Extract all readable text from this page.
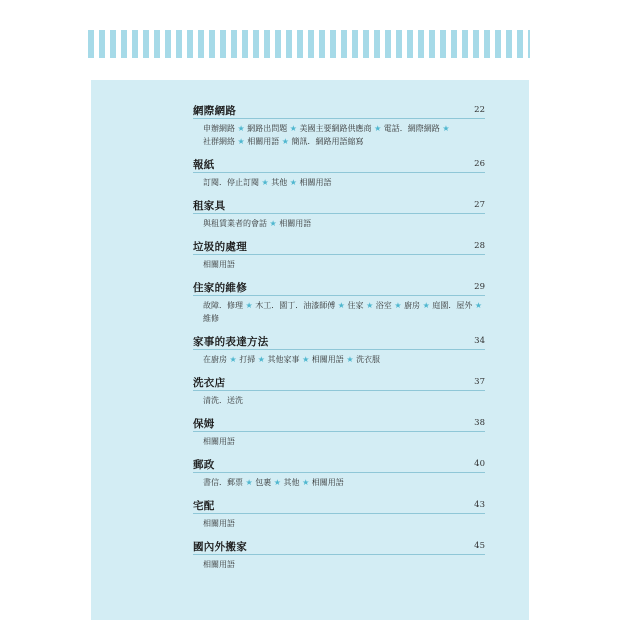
網際網路	22
申辦網路 ★ 網路出問題 ★ 美國主要網路供應商 ★ 電話．網際網路 ★
社群網絡 ★ 相關用語 ★ 簡訊．網路用語縮寫
報紙	26
訂閱．停止訂閱 ★ 其他 ★ 相關用語
租家具	27
與租賃業者的會話 ★ 相關用語
垃圾的處理	28
相關用語
住家的維修	29
故障．修理 ★ 木工．園丁．油漆師傅 ★ 住家 ★ 浴室 ★ 廚房 ★ 庭園．屋外 ★
維修
家事的表達方法	34
在廚房 ★ 打掃 ★ 其他家事 ★ 相關用語 ★ 洗衣服
洗衣店	37
清洗．送洗
保姆	38
相關用語
郵政	40
書信．郵票 ★ 包裹 ★ 其他 ★ 相關用語
宅配	43
相關用語
國內外搬家	45
相關用語
